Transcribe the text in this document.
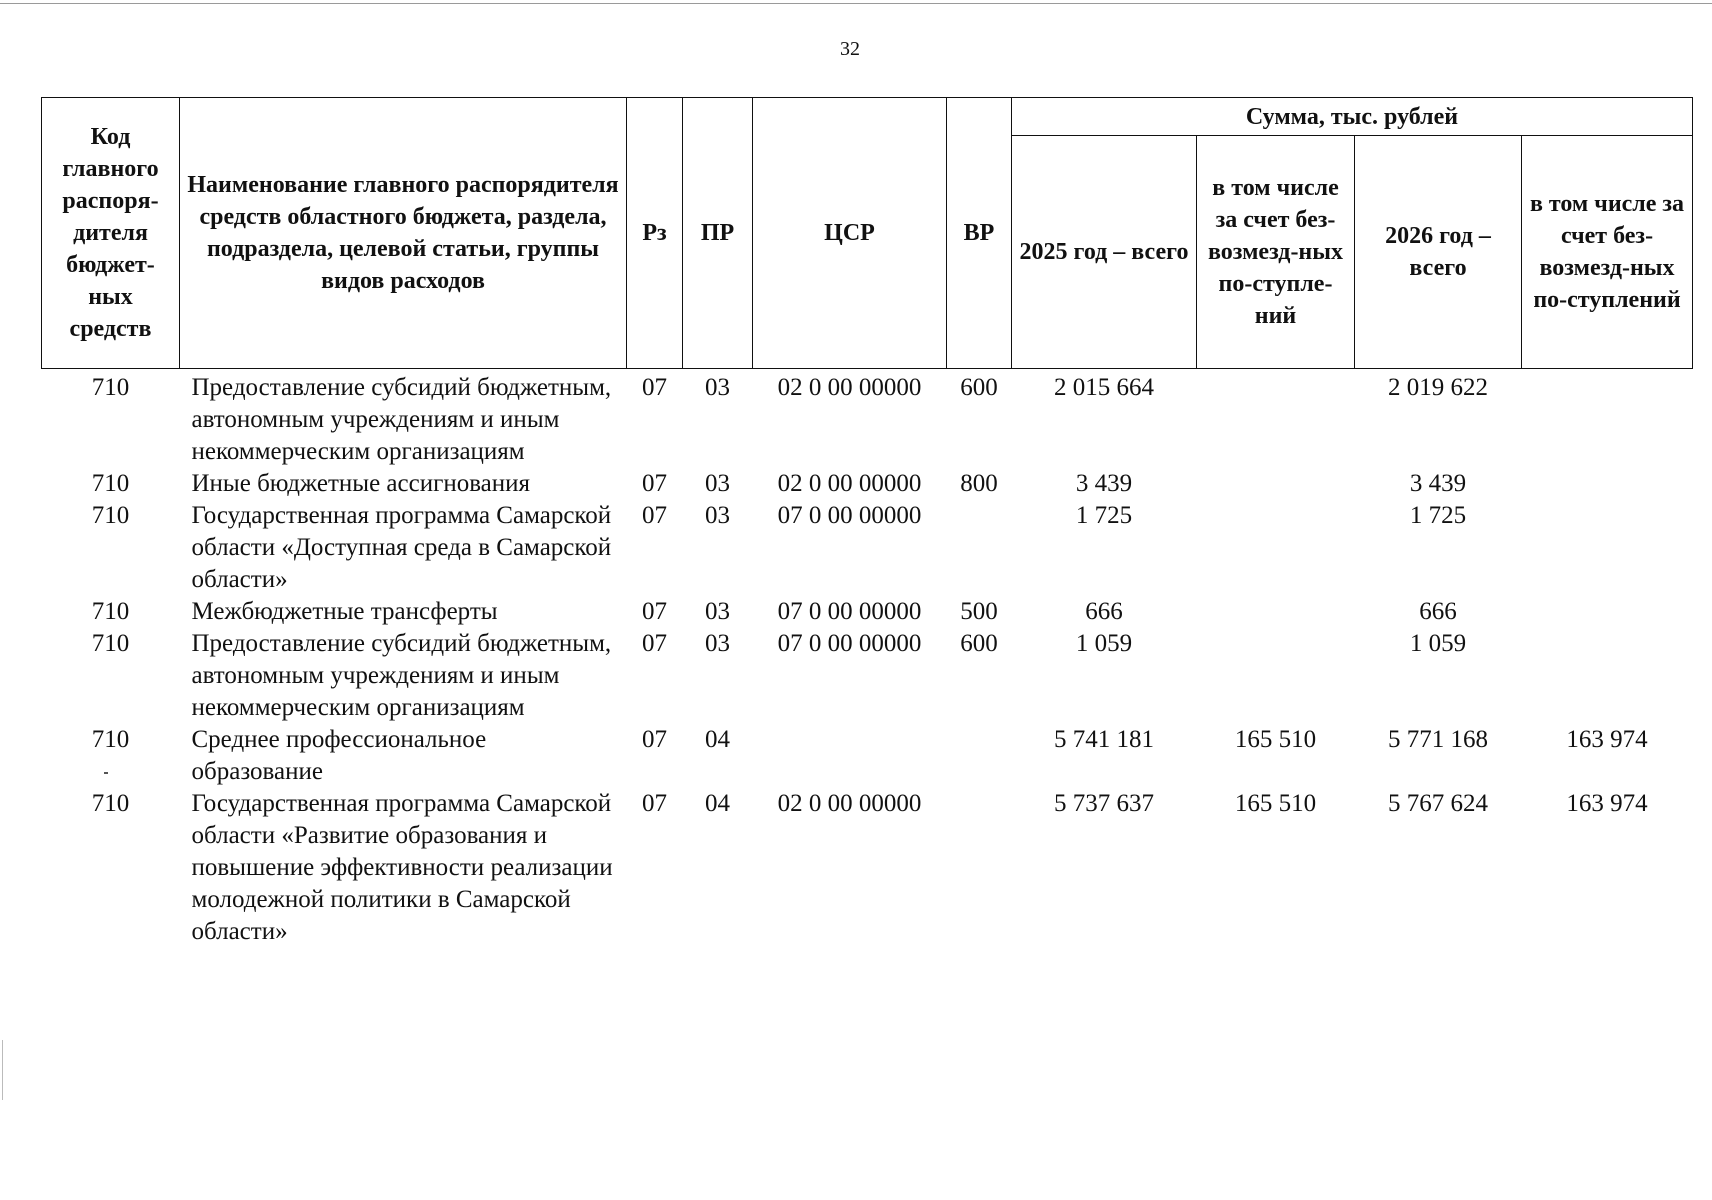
32
Код главного распоря-дителя бюджет-ных средств	Наименование главного распорядителя средств областного бюджета, раздела, подраздела, целевой статьи, группы видов расходов	Рз	ПР	ЦСР	ВР	Сумма, тыс. рублей			
						2025 год – всего	в том числе за счет без-возмезд-ных по-ступле-ний	2026 год – всего	в том числе за счет без-возмезд-ных по-ступлений
710	Предоставление субсидий бюджетным, автономным учреждениям и иным некоммерческим организациям	07	03	02 0 00 00000	600	2 015 664		2 019 622	
710	Иные бюджетные ассигнования	07	03	02 0 00 00000	800	3 439		3 439	
710	Государственная программа Самарской области «Доступная среда в Самарской области»	07	03	07 0 00 00000		1 725		1 725	
710	Межбюджетные трансферты	07	03	07 0 00 00000	500	666		666	
710	Предоставление субсидий бюджетным, автономным учреждениям и иным некоммерческим организациям	07	03	07 0 00 00000	600	1 059		1 059	
710	Среднее профессиональное образование	07	04			5 741 181	165 510	5 771 168	163 974
710	Государственная программа Самарской области «Развитие образования и повышение эффективности реализации молодежной политики в Самарской области»	07	04	02 0 00 00000		5 737 637	165 510	5 767 624	163 974
